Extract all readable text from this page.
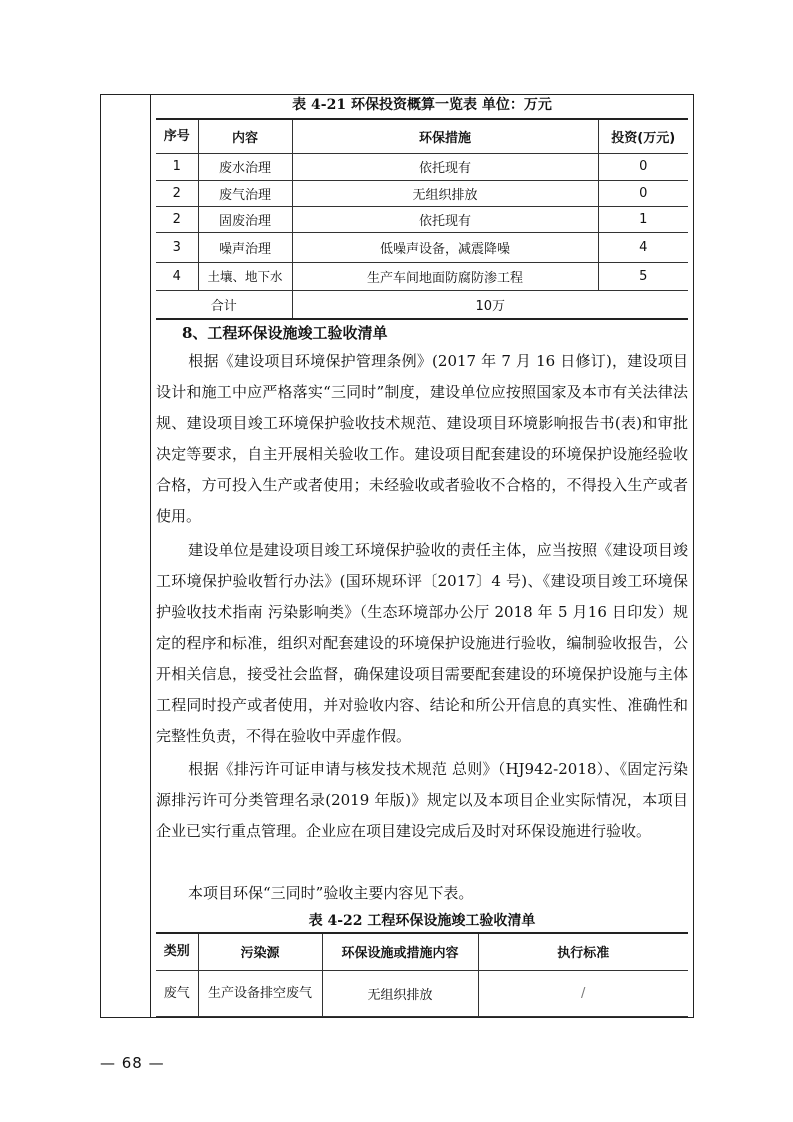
表 4-21 环保投资概算一览表 单位：万元
序号	内容	环保措施	投资(万元)
1	废水治理	依托现有	0
2	废气治理	无组织排放	0
2	固废治理	依托现有	1
3	噪声治理	低噪声设备，减震降噪	4
4	土壤、地下水	生产车间地面防腐防渗工程	5
合计		10万	
8、工程环保设施竣工验收清单
根据《建设项目环境保护管理条例》(2017 年 7 月 16 日修订)，建设项目设计和施工中应严格落实“三同时”制度，建设单位应按照国家及本市有关法律法规、建设项目竣工环境保护验收技术规范、建设项目环境影响报告书(表)和审批决定等要求，自主开展相关验收工作。建设项目配套建设的环境保护设施经验收合格，方可投入生产或者使用；未经验收或者验收不合格的，不得投入生产或者使用。
建设单位是建设项目竣工环境保护验收的责任主体，应当按照《建设项目竣工环境保护验收暂行办法》(国环规环评〔2017〕4 号)、《建设项目竣工环境保护验收技术指南 污染影响类》（生态环境部办公厅 2018 年 5 月16 日印发）规定的程序和标准，组织对配套建设的环境保护设施进行验收，编制验收报告，公开相关信息，接受社会监督，确保建设项目需要配套建设的环境保护设施与主体工程同时投产或者使用，并对验收内容、结论和所公开信息的真实性、准确性和完整性负责，不得在验收中弄虚作假。
根据《排污许可证申请与核发技术规范 总则》（HJ942-2018）、《固定污染源排污许可分类管理名录(2019 年版)》规定以及本项目企业实际情况，本项目企业已实行重点管理。企业应在项目建设完成后及时对环保设施进行验收。
本项目环保“三同时”验收主要内容见下表。
表 4-22 工程环保设施竣工验收清单
类别	污染源	环保设施或措施内容	执行标准
废气	生产设备排空废气	无组织排放	/
— 68 —
